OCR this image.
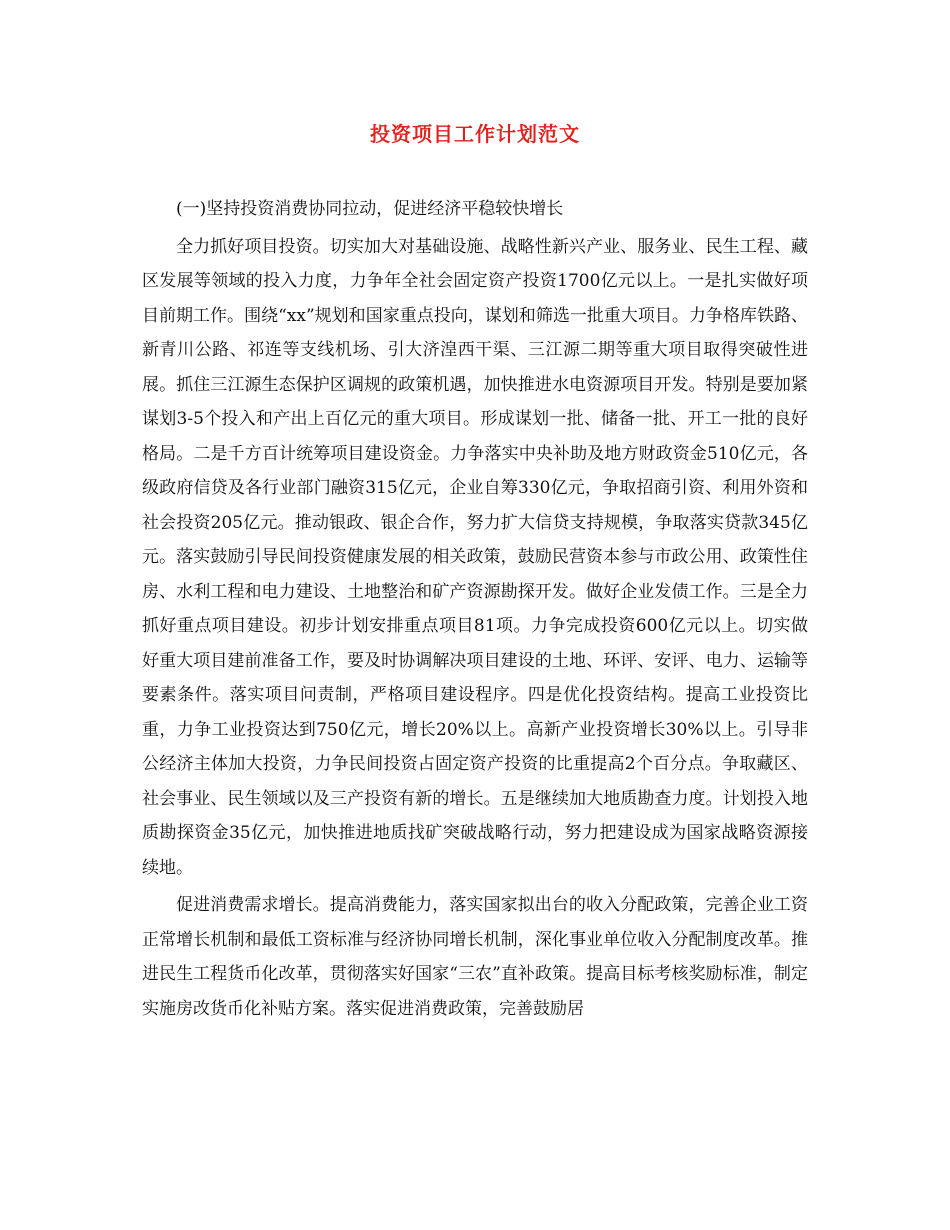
投资项目工作计划范文

(一)坚持投资消费协同拉动，促进经济平稳较快增长

全力抓好项目投资。切实加大对基础设施、战略性新兴产业、服务业、民生工程、藏区发展等领域的投入力度，力争年全社会固定资产投资1700亿元以上。一是扎实做好项目前期工作。围绕“xx”规划和国家重点投向，谋划和筛选一批重大项目。力争格库铁路、新青川公路、祁连等支线机场、引大济湟西干渠、三江源二期等重大项目取得突破性进展。抓住三江源生态保护区调规的政策机遇，加快推进水电资源项目开发。特别是要加紧谋划3-5个投入和产出上百亿元的重大项目。形成谋划一批、储备一批、开工一批的良好格局。二是千方百计统筹项目建设资金。力争落实中央补助及地方财政资金510亿元，各级政府信贷及各行业部门融资315亿元，企业自筹330亿元，争取招商引资、利用外资和社会投资205亿元。推动银政、银企合作，努力扩大信贷支持规模，争取落实贷款345亿元。落实鼓励引导民间投资健康发展的相关政策，鼓励民营资本参与市政公用、政策性住房、水利工程和电力建设、土地整治和矿产资源勘探开发。做好企业发债工作。三是全力抓好重点项目建设。初步计划安排重点项目81项。力争完成投资600亿元以上。切实做好重大项目建前准备工作，要及时协调解决项目建设的土地、环评、安评、电力、运输等要素条件。落实项目问责制，严格项目建设程序。四是优化投资结构。提高工业投资比重，力争工业投资达到750亿元，增长20%以上。高新产业投资增长30%以上。引导非公经济主体加大投资，力争民间投资占固定资产投资的比重提高2个百分点。争取藏区、社会事业、民生领域以及三产投资有新的增长。五是继续加大地质勘查力度。计划投入地质勘探资金35亿元，加快推进地质找矿突破战略行动，努力把建设成为国家战略资源接续地。

促进消费需求增长。提高消费能力，落实国家拟出台的收入分配政策，完善企业工资正常增长机制和最低工资标准与经济协同增长机制，深化事业单位收入分配制度改革。推进民生工程货币化改革，贯彻落实好国家“三农”直补政策。提高目标考核奖励标准，制定实施房改货币化补贴方案。落实促进消费政策，完善鼓励居
